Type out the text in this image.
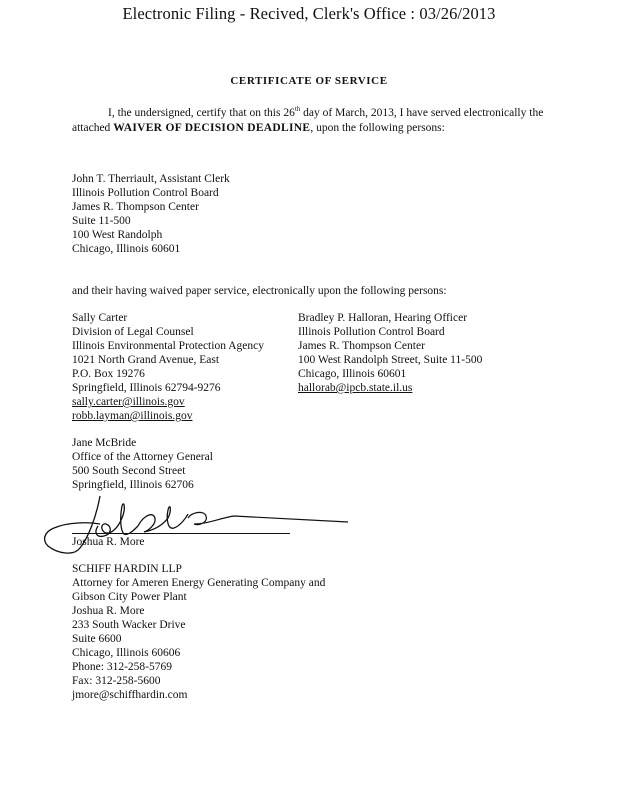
Electronic Filing - Recived, Clerk's Office : 03/26/2013
CERTIFICATE OF SERVICE
I, the undersigned, certify that on this 26th day of March, 2013, I have served electronically the attached WAIVER OF DECISION DEADLINE, upon the following persons:
John T. Therriault, Assistant Clerk
Illinois Pollution Control Board
James R. Thompson Center
Suite 11-500
100 West Randolph
Chicago, Illinois 60601
and their having waived paper service, electronically upon the following persons:
Sally Carter
Division of Legal Counsel
Illinois Environmental Protection Agency
1021 North Grand Avenue, East
P.O. Box 19276
Springfield, Illinois 62794-9276
sally.carter@illinois.gov
robb.layman@illinois.gov
Bradley P. Halloran, Hearing Officer
Illinois Pollution Control Board
James R. Thompson Center
100 West Randolph Street, Suite 11-500
Chicago, Illinois 60601
hallorab@ipcb.state.il.us
Jane McBride
Office of the Attorney General
500 South Second Street
Springfield, Illinois 62706
Joshua R. More
SCHIFF HARDIN LLP
Attorney for Ameren Energy Generating Company and
Gibson City Power Plant
Joshua R. More
233 South Wacker Drive
Suite 6600
Chicago, Illinois 60606
Phone: 312-258-5769
Fax: 312-258-5600
jmore@schiffhardin.com
